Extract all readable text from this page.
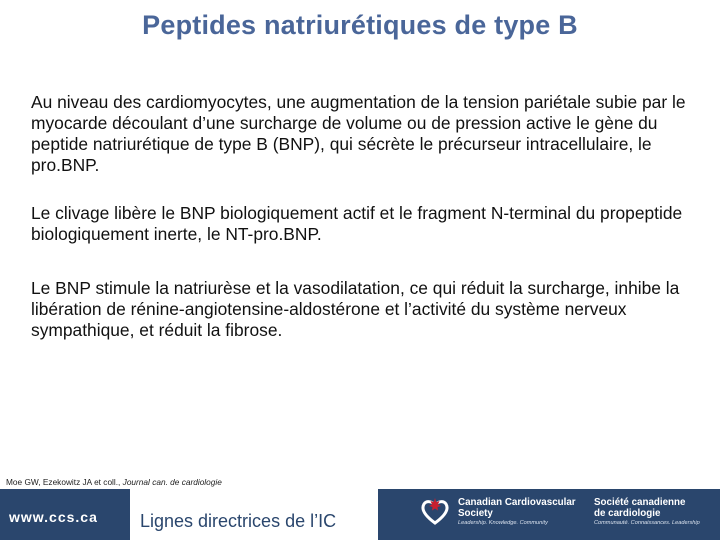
Peptides natriurétiques de type B

Au niveau des cardiomyocytes, une augmentation de la tension pariétale subie par le myocarde découlant d’une surcharge de volume ou de pression active le gène du peptide natriurétique de type B (BNP), qui sécrète le précurseur intracellulaire, le pro.BNP.

Le clivage libère le BNP biologiquement actif et le fragment N-terminal du propeptide biologiquement inerte, le NT-pro.BNP.

Le BNP stimule la natriurèse et la vasodilatation, ce qui réduit la surcharge, inhibe la libération de rénine-angiotensine-aldostérone et l’activité du système nerveux sympathique, et réduit la fibrose.

Moe GW, Ezekowitz JA et coll., Journal can. de cardiologie
www.ccs.ca Lignes directrices de l’IC
Canadian Cardiovascular
Society
Leadership. Knowledge. Community
Société canadienne
de cardiologie
Communauté. Connaissances. Leadership
